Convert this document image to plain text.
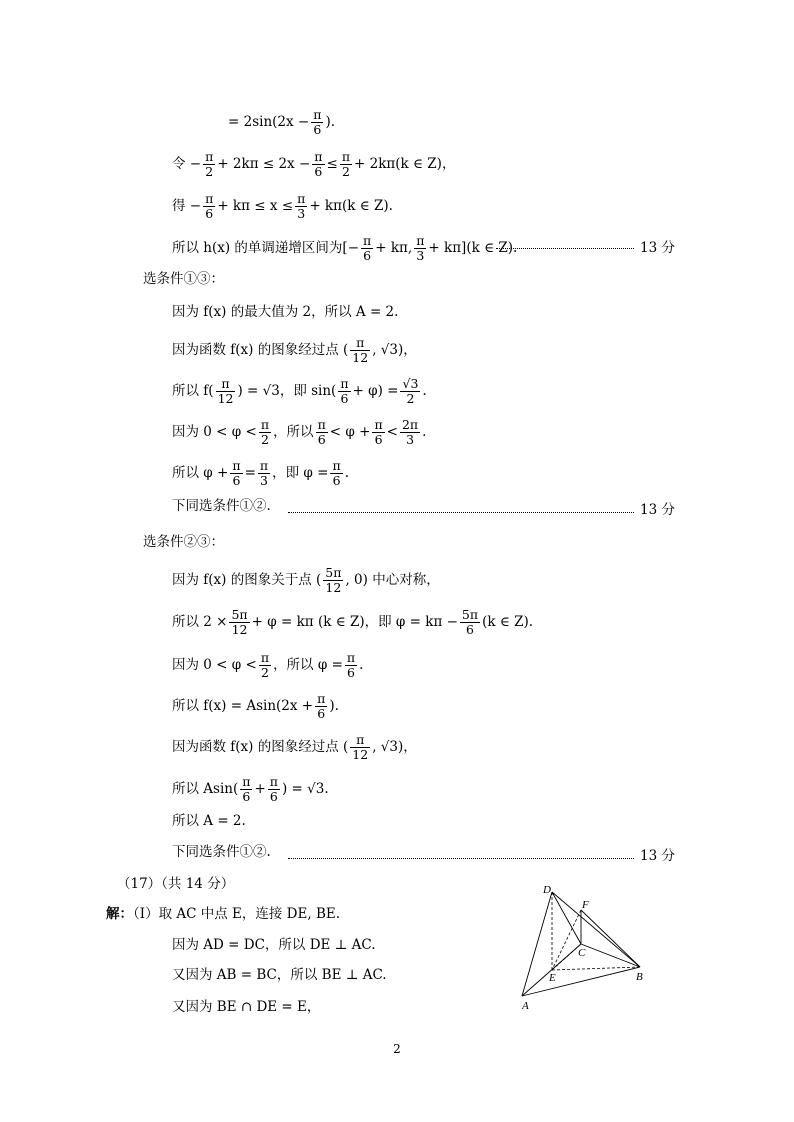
= $2\sin(2x - \frac{\pi}{6}$ ).
令 − $\frac{\pi}{2} + 2k\pi \le 2x - \frac{\pi}{6} \le \frac{\pi}{2} + 2k\pi(k$ ∈ Z)，
得 − $\frac{\pi}{6} + k\pi \le x \le \frac{\pi}{3} + k\pi(k$ ∈ Z).
所以 h(x) 的单调递增区间为[− $\frac{\pi}{6} + k\pi$, $\frac{\pi}{3} + k\pi](k$ ∈ Z).	13 分
选条件①③：
因为 f(x) 的最大值为 2，所以 A = 2.
因为函数 f(x) 的图象经过点 ( $\frac{\pi}{12}$ , √3)，
所以 $f( \frac{\pi}{12}$ ) = √3，即 $\sin( \frac{\pi}{6} + \varphi) = \frac{√3}{2}$ .
因为 $0 < \varphi < \frac{\pi}{2}$ ，所以 $\frac{\pi}{6} < \varphi + \frac{\pi}{6} < \frac{2\pi}{3}$ .
所以 $\varphi + \frac{\pi}{6} = \frac{\pi}{3}$ ，即 $\varphi = \frac{\pi}{6}$ .
下同选条件①②.	13 分
选条件②③：
因为 f(x) 的图象关于点 ( $\frac{5\pi}{12}$ , 0) 中心对称，
所以 $2 \times \frac{5\pi}{12} + \varphi = k\pi$ (k ∈ Z)，即 $\varphi = k\pi - \frac{5\pi}{6} (k$ ∈ Z).
因为 $0 < \varphi < \frac{\pi}{2}$ ，所以 $\varphi = \frac{\pi}{6}$ .
所以 $f(x) = Asin(2x + \frac{\pi}{6}$ ).
因为函数 f(x) 的图象经过点 ( $\frac{\pi}{12}$ , √3)，
所以 $Asin( \frac{\pi}{6} + \frac{\pi}{6}$ ) = √3.
所以 A = 2.
下同选条件①②.	13 分
（17）（共 14 分）
解：（Ⅰ）取 AC 中点 E，连接 DE, BE.
因为 AD = DC，所以 DE ⊥ AC.
又因为 AB = BC，所以 BE ⊥ AC.
又因为 BE ∩ DE = E，
D
F
C
E	B
A
2
